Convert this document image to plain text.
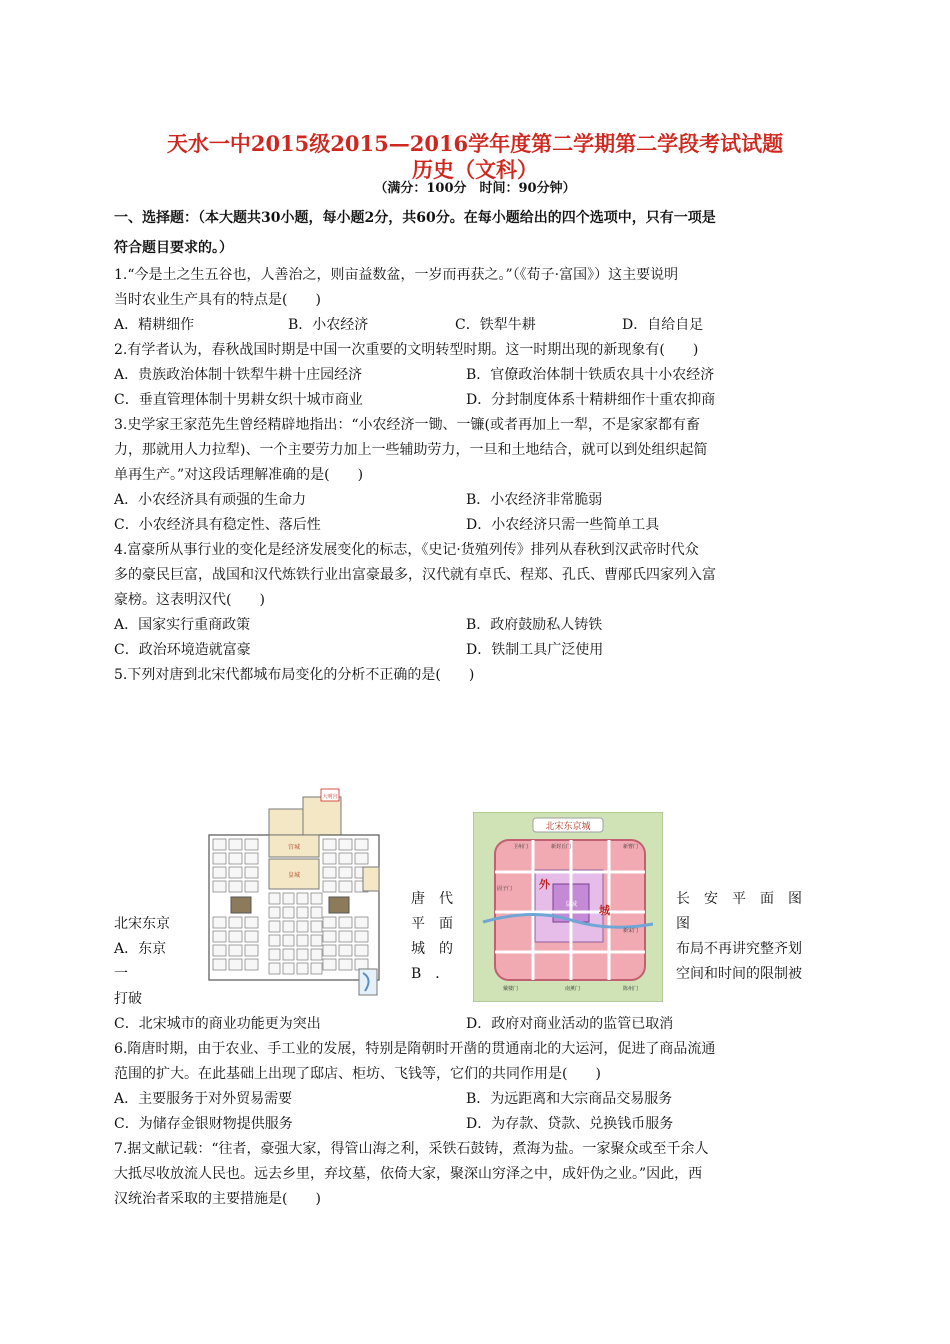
天水一中2015级2015—2016学年度第二学期第二学段考试试题
历史（文科）
（满分：100分　时间：90分钟）
一、选择题：（本大题共30小题，每小题2分，共60分。在每小题给出的四个选项中，只有一项是
符合题目要求的。）
1.“今是土之生五谷也，人善治之，则亩益数盆，一岁而再获之。”（《荀子·富国》）这主要说明
当时农业生产具有的特点是(　　)
A．精耕细作	B．小农经济	C．铁犁牛耕	D．自给自足
2.有学者认为，春秋战国时期是中国一次重要的文明转型时期。这一时期出现的新现象有(　　)
A．贵族政治体制十铁犁牛耕十庄园经济	B．官僚政治体制十铁质农具十小农经济
C．垂直管理体制十男耕女织十城市商业	D．分封制度体系十精耕细作十重农抑商
3.史学家王家范先生曾经精辟地指出：“小农经济一锄、一镰(或者再加上一犁，不是家家都有畜
力，那就用人力拉犁)、一个主要劳力加上一些辅助劳力，一旦和土地结合，就可以到处组织起简
单再生产。”对这段话理解准确的是(　　)
A．小农经济具有顽强的生命力	B．小农经济非常脆弱
C．小农经济具有稳定性、落后性	D．小农经济只需一些简单工具
4.富豪所从事行业的变化是经济发展变化的标志，《史记·货殖列传》排列从春秋到汉武帝时代众
多的豪民巨富，战国和汉代炼铁行业出富豪最多，汉代就有卓氏、程郑、孔氏、曹邴氏四家列入富
豪榜。这表明汉代(　　)
A．国家实行重商政策	B．政府鼓励私人铸铁
C．政治环境造就富豪	D．铁制工具广泛使用
5.下列对唐到北宋代都城布局变化的分析不正确的是(　　)
大明宫
宫城
皇城
北宋东京城
外
城
皇城
卫州门	新封丘门	新曹门
固子门
新宋门
戴楼门	南薰门	陈州门
北宋东京
A．东京
一
打破
唐　代
平　面
城　的
B　．
长　安　平　面　图
图
布局不再讲究整齐划
空间和时间的限制被
C．北宋城市的商业功能更为突出	D．政府对商业活动的监管已取消
6.隋唐时期，由于农业、手工业的发展，特别是隋朝时开凿的贯通南北的大运河，促进了商品流通
范围的扩大。在此基础上出现了邸店、柜坊、飞钱等，它们的共同作用是(　　)
A．主要服务于对外贸易需要	B．为远距离和大宗商品交易服务
C．为储存金银财物提供服务	D．为存款、贷款、兑换钱币服务
7.据文献记载：“往者，豪强大家，得管山海之利，采铁石鼓铸，煮海为盐。一家聚众或至千余人
大抵尽收放流人民也。远去乡里，弃坟墓，依倚大家，聚深山穷泽之中，成奸伪之业。”因此，西
汉统治者采取的主要措施是(　　)
